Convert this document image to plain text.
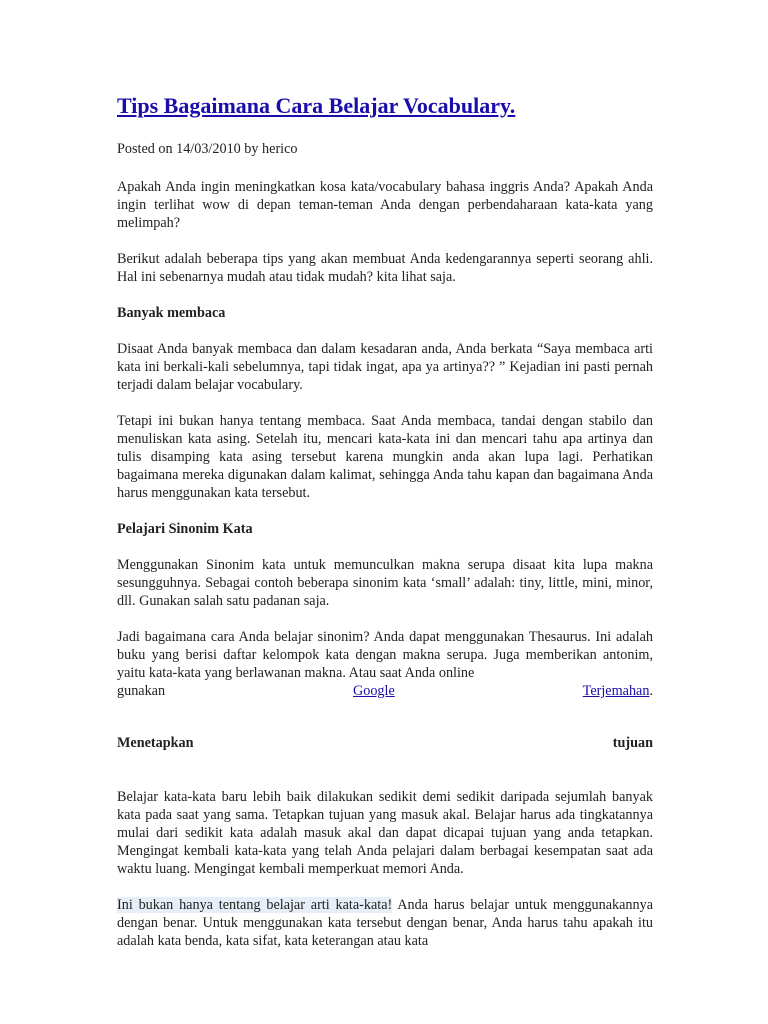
Tips Bagaimana Cara Belajar Vocabulary.
Posted on 14/03/2010 by herico

Apakah Anda ingin meningkatkan kosa kata/vocabulary bahasa inggris Anda? Apakah Anda ingin terlihat wow di depan teman-teman Anda dengan perbendaharaan kata-kata yang melimpah?

Berikut adalah beberapa tips yang akan membuat Anda kedengarannya seperti seorang ahli. Hal ini sebenarnya mudah atau tidak mudah? kita lihat saja.

Banyak membaca

Disaat Anda banyak membaca dan dalam kesadaran anda, Anda berkata “Saya membaca arti kata ini berkali-kali sebelumnya, tapi tidak ingat, apa ya artinya?? ” Kejadian ini pasti pernah terjadi dalam belajar vocabulary.

Tetapi ini bukan hanya tentang membaca. Saat Anda membaca, tandai dengan stabilo dan menuliskan kata asing. Setelah itu, mencari kata-kata ini dan mencari tahu apa artinya dan tulis disamping kata asing tersebut karena mungkin anda akan lupa lagi. Perhatikan bagaimana mereka digunakan dalam kalimat, sehingga Anda tahu kapan dan bagaimana Anda harus menggunakan kata tersebut.

Pelajari Sinonim Kata

Menggunakan Sinonim kata untuk memunculkan makna serupa disaat kita lupa makna sesungguhnya. Sebagai contoh beberapa sinonim kata ‘small’ adalah: tiny, little, mini, minor, dll. Gunakan salah satu padanan saja.

Jadi bagaimana cara Anda belajar sinonim? Anda dapat menggunakan Thesaurus. Ini adalah buku yang berisi daftar kelompok kata dengan makna serupa. Juga memberikan antonim, yaitu kata-kata yang berlawanan makna. Atau saat Anda online

gunakan	Google	Terjemahan.
Menetapkan	tujuan

Belajar kata-kata baru lebih baik dilakukan sedikit demi sedikit daripada sejumlah banyak kata pada saat yang sama. Tetapkan tujuan yang masuk akal. Belajar harus ada tingkatannya mulai dari sedikit kata adalah masuk akal dan dapat dicapai tujuan yang anda tetapkan. Mengingat kembali kata-kata yang telah Anda pelajari dalam berbagai kesempatan saat ada waktu luang. Mengingat kembali memperkuat memori Anda.

Ini bukan hanya tentang belajar arti kata-kata! Anda harus belajar untuk menggunakannya dengan benar. Untuk menggunakan kata tersebut dengan benar, Anda harus tahu apakah itu adalah kata benda, kata sifat, kata keterangan atau kata
